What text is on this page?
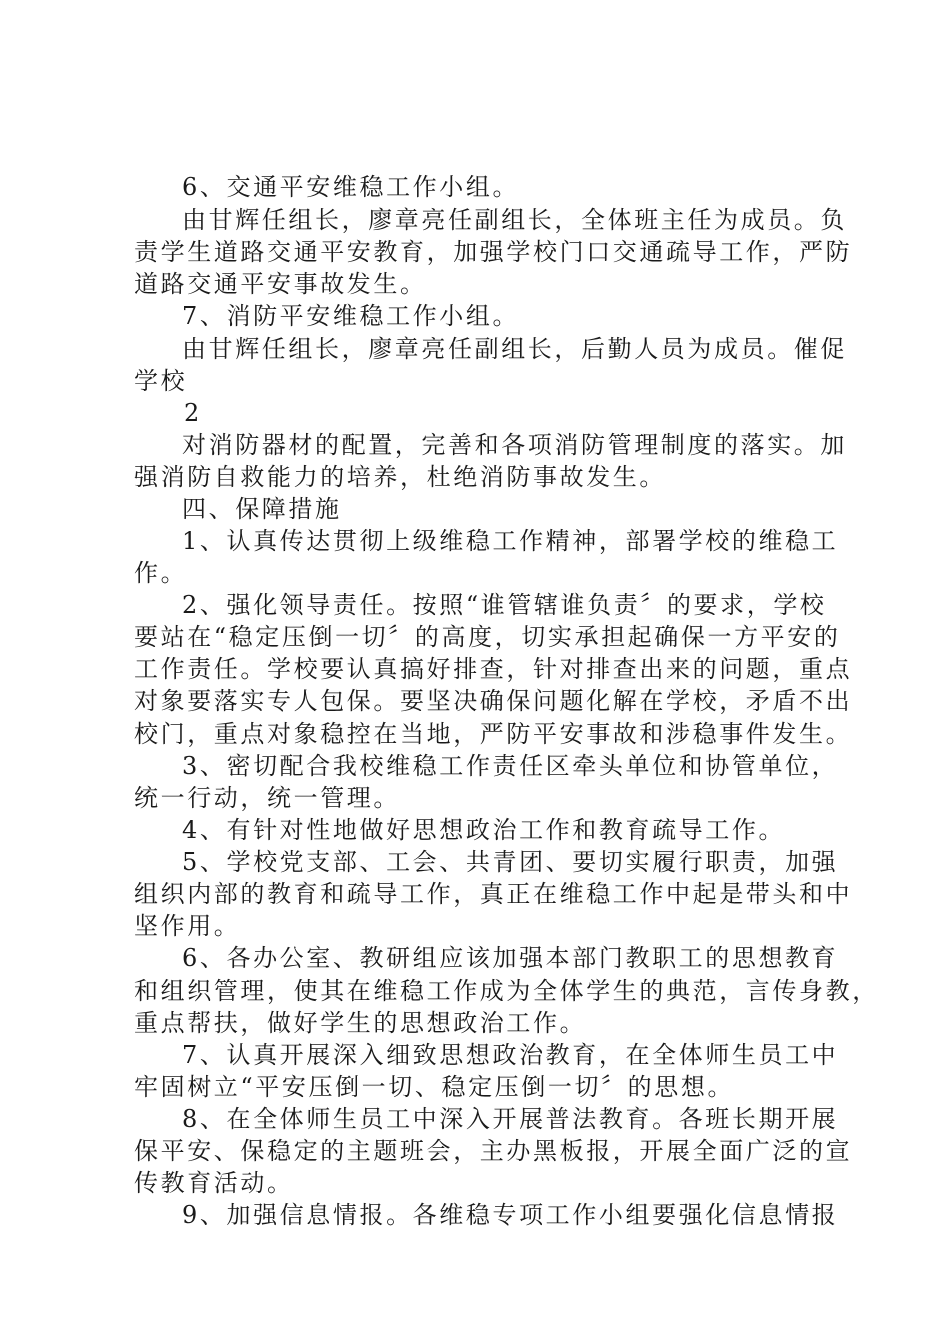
6、交通平安维稳工作小组。
由甘辉任组长，廖章亮任副组长，全体班主任为成员。负
责学生道路交通平安教育，加强学校门口交通疏导工作，严防
道路交通平安事故发生。
7、消防平安维稳工作小组。
由甘辉任组长，廖章亮任副组长，后勤人员为成员。催促
学校
2
对消防器材的配置，完善和各项消防管理制度的落实。加
强消防自救能力的培养，杜绝消防事故发生。
四、保障措施
1、认真传达贯彻上级维稳工作精神，部署学校的维稳工
作。
2、强化领导责任。按照“谁管辖谁负责〞的要求，学校
要站在“稳定压倒一切〞的高度，切实承担起确保一方平安的
工作责任。学校要认真搞好排查，针对排查出来的问题，重点
对象要落实专人包保。要坚决确保问题化解在学校，矛盾不出
校门，重点对象稳控在当地，严防平安事故和涉稳事件发生。
3、密切配合我校维稳工作责任区牵头单位和协管单位，
统一行动，统一管理。
4、有针对性地做好思想政治工作和教育疏导工作。
5、学校党支部、工会、共青团、要切实履行职责，加强
组织内部的教育和疏导工作，真正在维稳工作中起是带头和中
坚作用。
6、各办公室、教研组应该加强本部门教职工的思想教育
和组织管理，使其在维稳工作成为全体学生的典范，言传身教，
重点帮扶，做好学生的思想政治工作。
7、认真开展深入细致思想政治教育，在全体师生员工中
牢固树立“平安压倒一切、稳定压倒一切〞的思想。
8、在全体师生员工中深入开展普法教育。各班长期开展
保平安、保稳定的主题班会，主办黑板报，开展全面广泛的宣
传教育活动。
9、加强信息情报。各维稳专项工作小组要强化信息情报
